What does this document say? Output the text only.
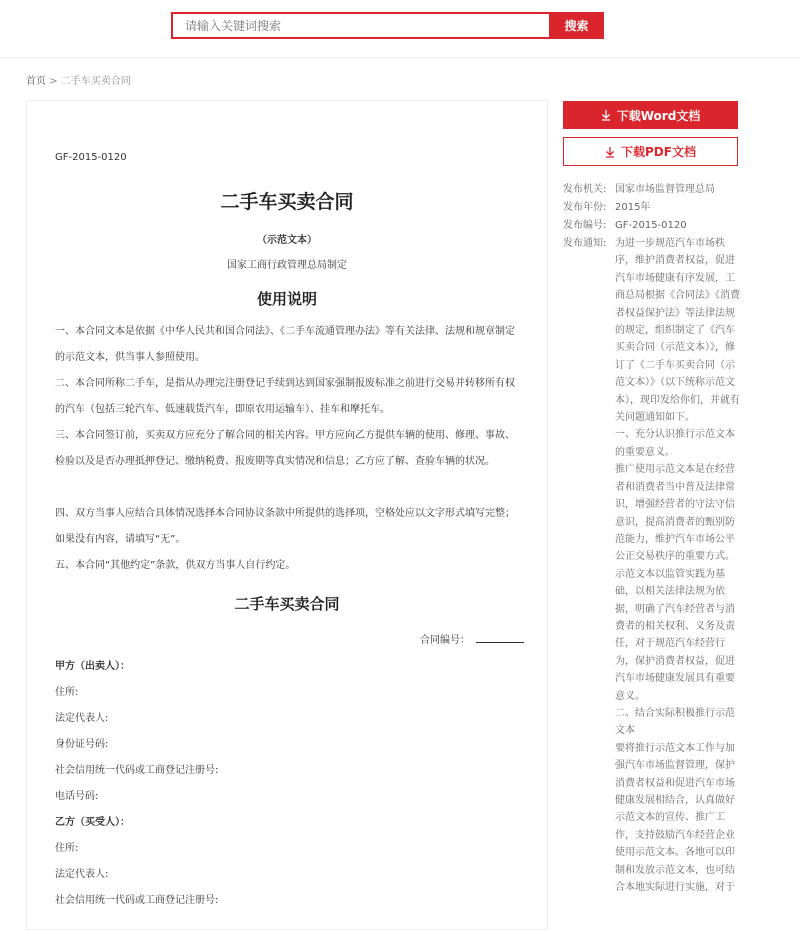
请输入关键词搜索
搜索
首页 > 二手车买卖合同
GF-2015-0120
二手车买卖合同
（示范文本）
国家工商行政管理总局制定
使用说明
一、本合同文本是依据《中华人民共和国合同法》、《二手车流通管理办法》等有关法律、法规和规章制定的示范文本，供当事人参照使用。
二、本合同所称二手车，是指从办理完注册登记手续到达到国家强制报废标准之前进行交易并转移所有权的汽车（包括三轮汽车、低速载货汽车，即原农用运输车）、挂车和摩托车。
三、本合同签订前，买卖双方应充分了解合同的相关内容。甲方应向乙方提供车辆的使用、修理、事故、检验以及是否办理抵押登记、缴纳税费、报废期等真实情况和信息；乙方应了解、查验车辆的状况。
四、双方当事人应结合具体情况选择本合同协议条款中所提供的选择项，空格处应以文字形式填写完整；如果没有内容，请填写“无”。
五、本合同“其他约定”条款，供双方当事人自行约定。
二手车买卖合同
合同编号：
甲方（出卖人）：
住所:
法定代表人:
身份证号码:
社会信用统一代码或工商登记注册号:
电话号码:
乙方（买受人）：
住所:
法定代表人:
社会信用统一代码或工商登记注册号:
下载Word文档
下载PDF文档
发布机关: 国家市场监督管理总局
发布年份: 2015年
发布编号: GF-2015-0120
发布通知: 为进一步规范汽车市场秩序，维护消费者权益，促进汽车市场健康有序发展，工商总局根据《合同法》《消费者权益保护法》等法律法规的规定，组织制定了《汽车买卖合同（示范文本）》，修订了《二手车买卖合同（示范文本）》（以下统称示范文本），现印发给你们，并就有关问题通知如下。

一、充分认识推行示范文本的重要意义。

推广使用示范文本是在经营者和消费者当中普及法律常识，增强经营者的守法守信意识，提高消费者的甄别防范能力，维护汽车市场公平公正交易秩序的重要方式。示范文本以监管实践为基础，以相关法律法规为依据，明确了汽车经营者与消费者的相关权利、义务及责任，对于规范汽车经营行为，保护消费者权益，促进汽车市场健康发展具有重要意义。

二、结合实际积极推行示范文本

要将推行示范文本工作与加强汽车市场监督管理，保护消费者权益和促进汽车市场健康发展相结合，认真做好示范文本的宣传、推广工作，支持鼓励汽车经营企业使用示范文本。各地可以印制和发放示范文本，也可结合本地实际进行实施，对于
